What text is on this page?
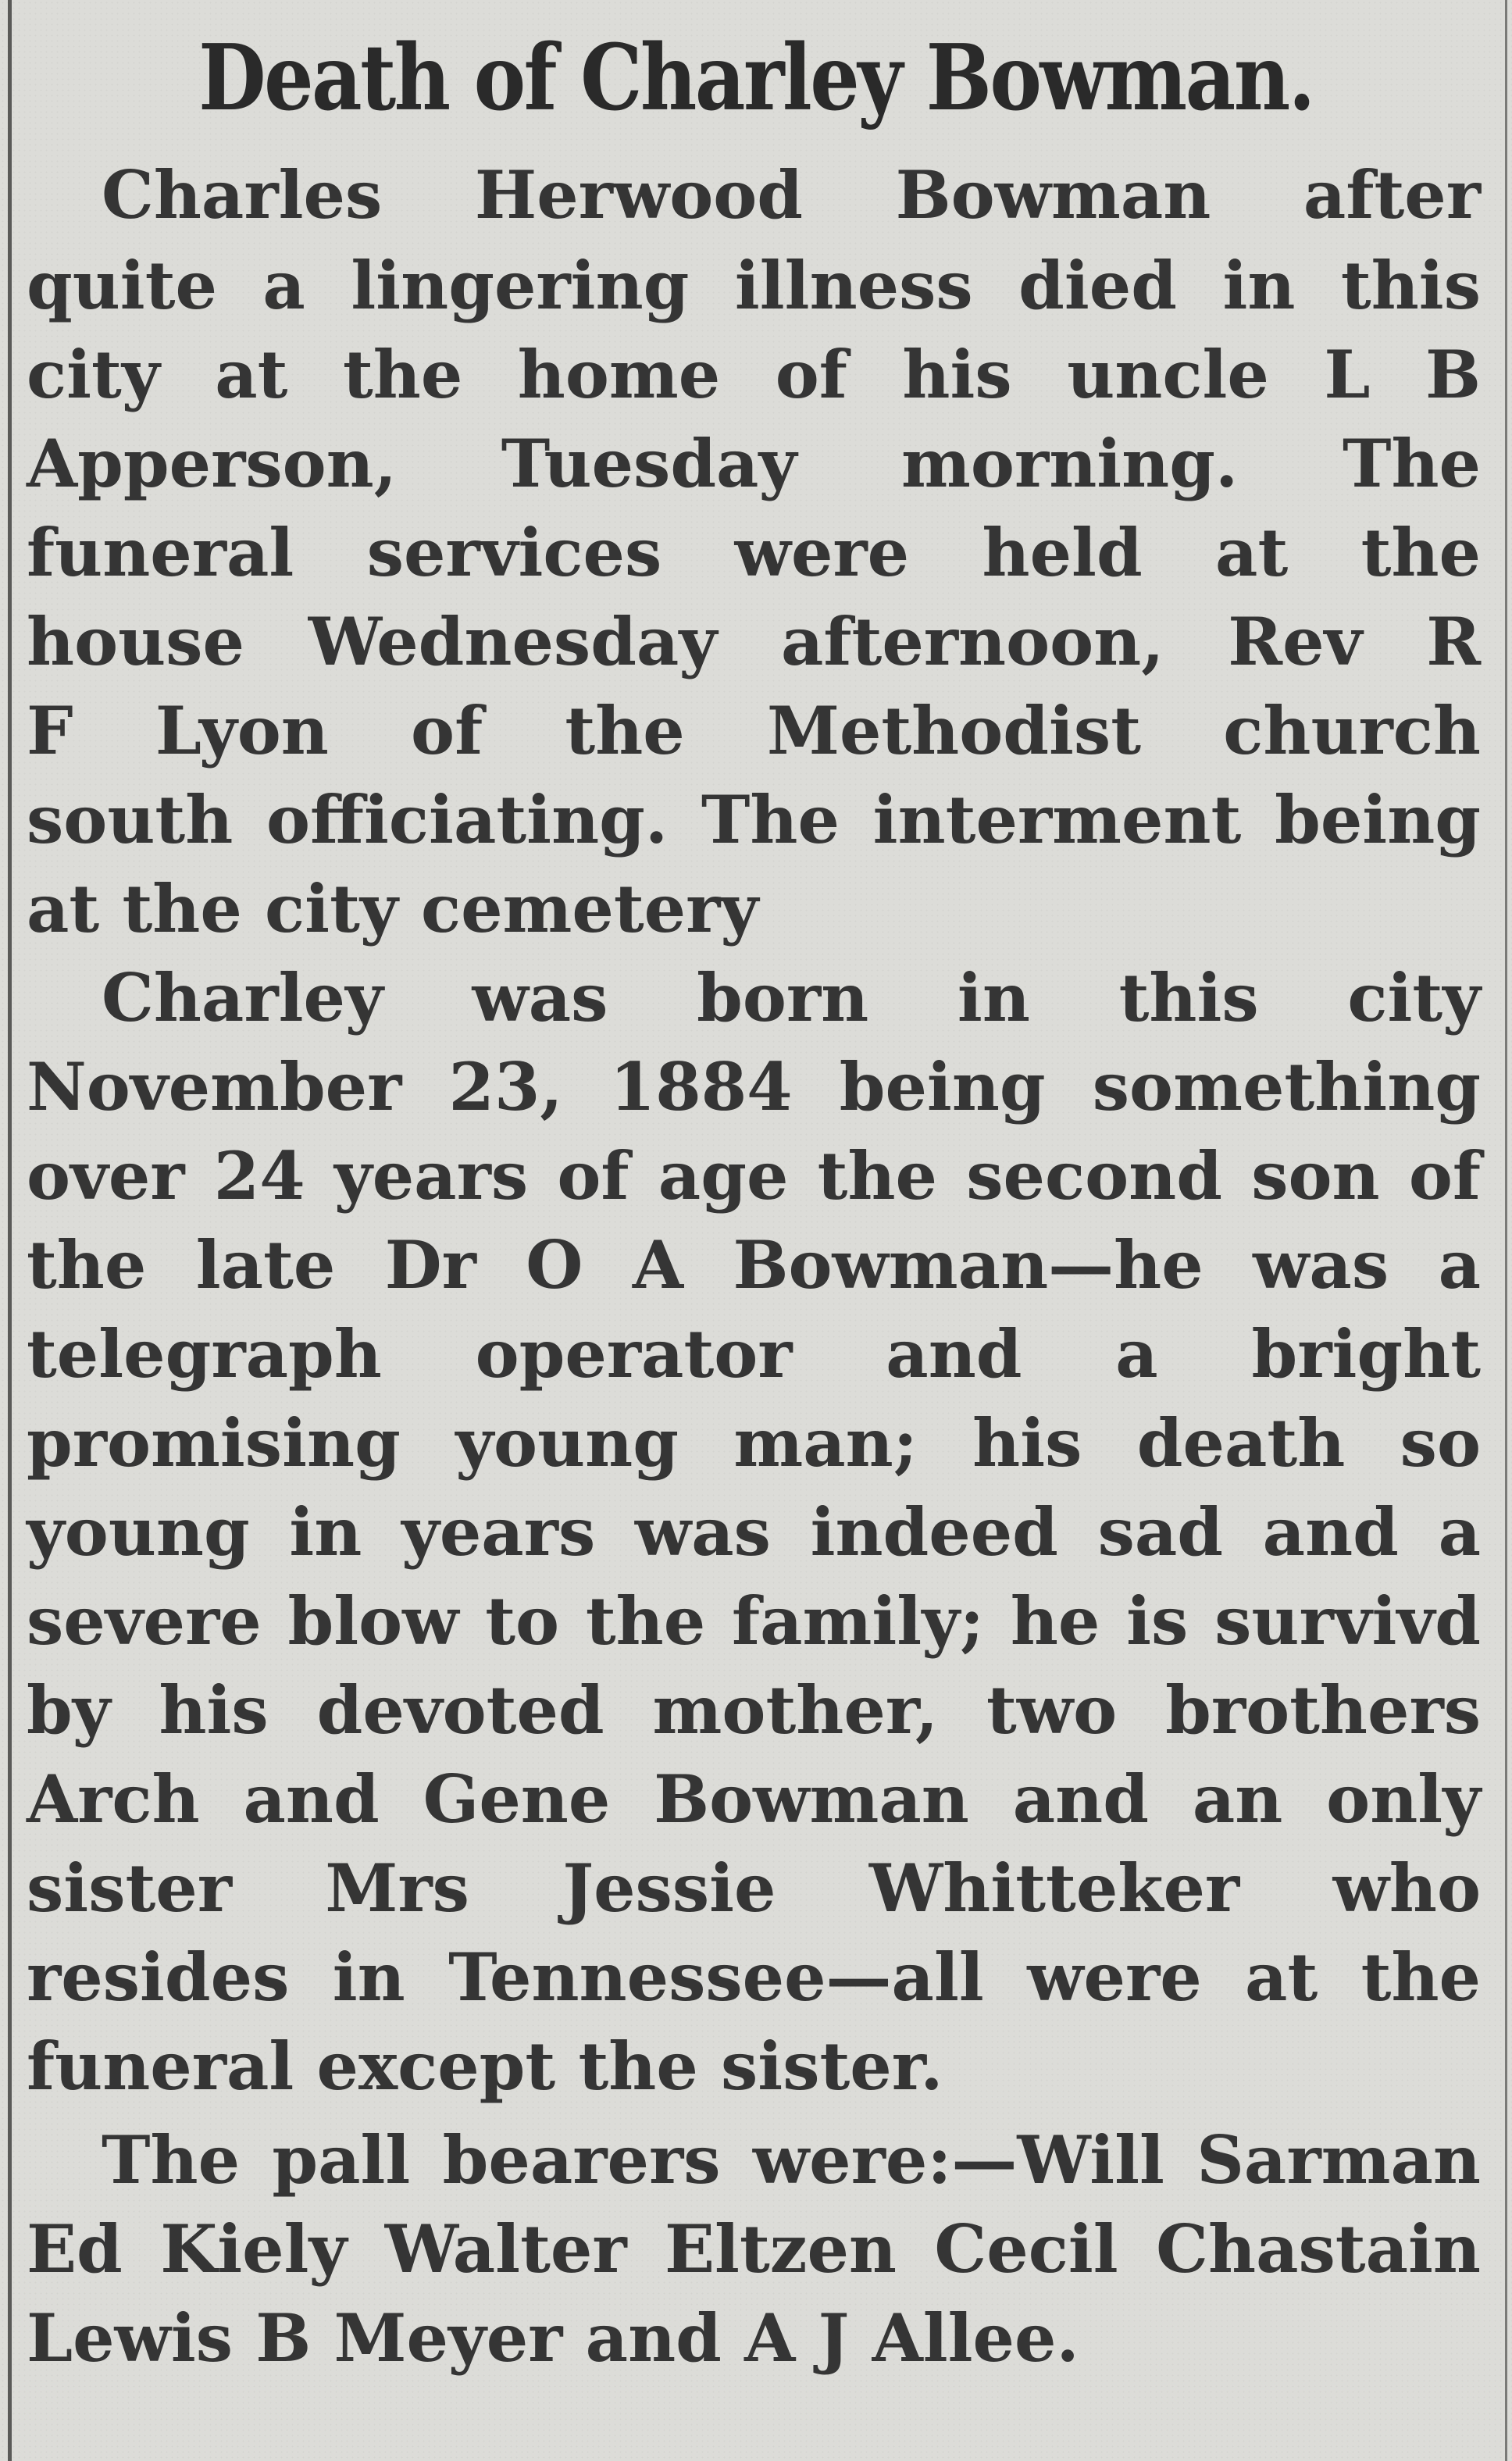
Death of Charley Bowman.
Charles Herwood Bowman after
quite a lingering illness died in this
city at the home of his uncle L B
Apperson, Tuesday morning. The
funeral services were held at the
house Wednesday afternoon, Rev R
F Lyon of the Methodist church
south officiating. The interment being
at the city cemetery
Charley was born in this city
November 23, 1884 being something
over 24 years of age the second son of
the late Dr O A Bowman—he was a
telegraph operator and a bright
promising young man; his death so
young in years was indeed sad and a
severe blow to the family; he is survivd
by his devoted mother, two brothers
Arch and Gene Bowman and an only
sister Mrs Jessie Whitteker who
resides in Tennessee—all were at the
funeral except the sister.
The pall bearers were:—Will Sarman
Ed Kiely Walter Eltzen Cecil Chastain
Lewis B Meyer and A J Allee.
